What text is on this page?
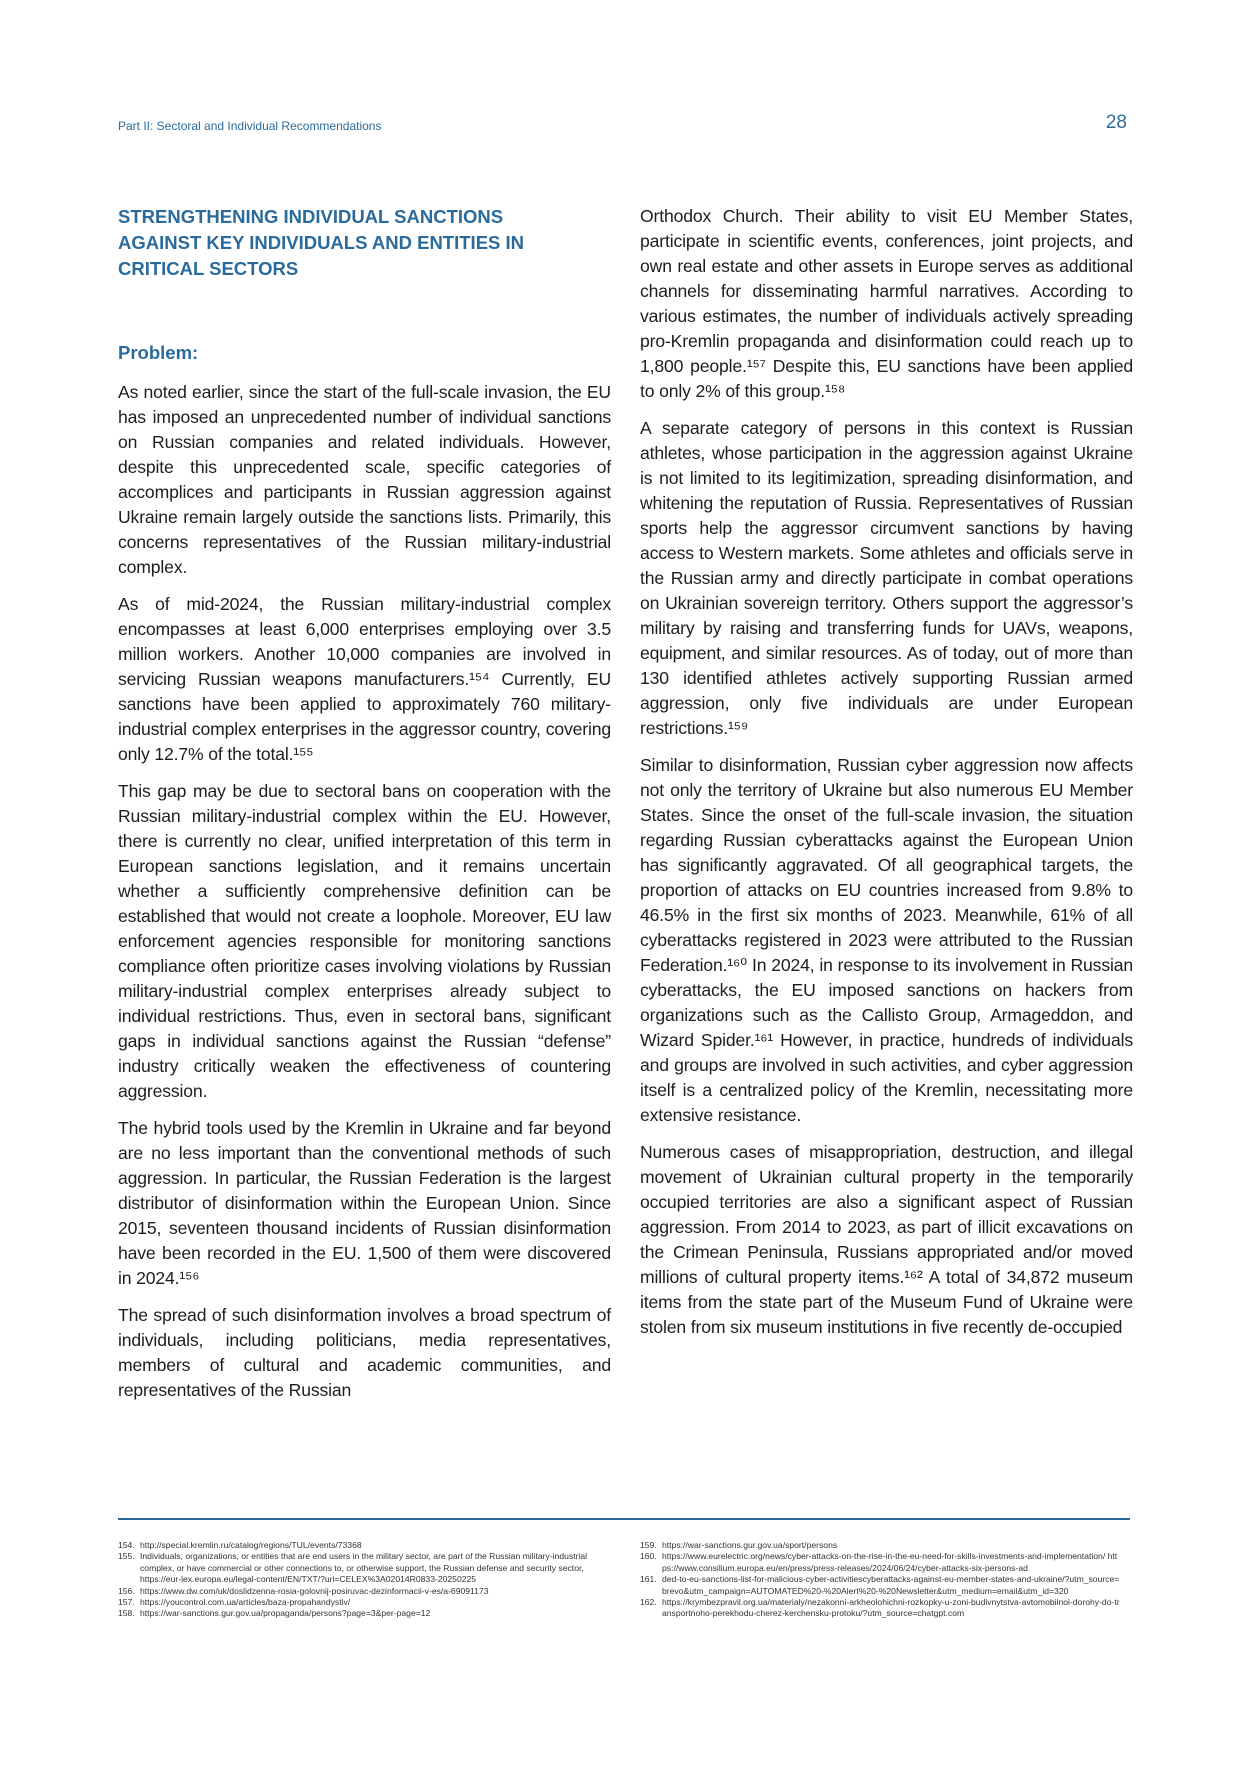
Part II: Sectoral and Individual Recommendations	28
STRENGTHENING INDIVIDUAL SANCTIONS AGAINST KEY INDIVIDUALS AND ENTITIES IN CRITICAL SECTORS
Problem:

As noted earlier, since the start of the full-scale invasion, the EU has imposed an unprecedented number of individual sanctions on Russian companies and related individuals. However, despite this unprecedented scale, specific categories of accomplices and participants in Russian aggression against Ukraine remain largely outside the sanctions lists. Primarily, this concerns representatives of the Russian military-industrial complex.

As of mid-2024, the Russian military-industrial complex encompasses at least 6,000 enterprises employing over 3.5 million workers. Another 10,000 companies are involved in servicing Russian weapons manufacturers.¹⁵⁴ Currently, EU sanctions have been applied to approximately 760 military-industrial complex enterprises in the aggressor country, covering only 12.7% of the total.¹⁵⁵

This gap may be due to sectoral bans on cooperation with the Russian military-industrial complex within the EU. However, there is currently no clear, unified interpretation of this term in European sanctions legislation, and it remains uncertain whether a sufficiently comprehensive definition can be established that would not create a loophole. Moreover, EU law enforcement agencies responsible for monitoring sanctions compliance often prioritize cases involving violations by Russian military-industrial complex enterprises already subject to individual restrictions. Thus, even in sectoral bans, significant gaps in individual sanctions against the Russian “defense” industry critically weaken the effectiveness of countering aggression.

The hybrid tools used by the Kremlin in Ukraine and far beyond are no less important than the conventional methods of such aggression. In particular, the Russian Federation is the largest distributor of disinformation within the European Union. Since 2015, seventeen thousand incidents of Russian disinformation have been recorded in the EU. 1,500 of them were discovered in 2024.¹⁵⁶

The spread of such disinformation involves a broad spectrum of individuals, including politicians, media representatives, members of cultural and academic communities, and representatives of the Russian

Orthodox Church. Their ability to visit EU Member States, participate in scientific events, conferences, joint projects, and own real estate and other assets in Europe serves as additional channels for disseminating harmful narratives. According to various estimates, the number of individuals actively spreading pro-Kremlin propaganda and disinformation could reach up to 1,800 people.¹⁵⁷ Despite this, EU sanctions have been applied to only 2% of this group.¹⁵⁸

A separate category of persons in this context is Russian athletes, whose participation in the aggression against Ukraine is not limited to its legitimization, spreading disinformation, and whitening the reputation of Russia. Representatives of Russian sports help the aggressor circumvent sanctions by having access to Western markets. Some athletes and officials serve in the Russian army and directly participate in combat operations on Ukrainian sovereign territory. Others support the aggressor’s military by raising and transferring funds for UAVs, weapons, equipment, and similar resources. As of today, out of more than 130 identified athletes actively supporting Russian armed aggression, only five individuals are under European restrictions.¹⁵⁹

Similar to disinformation, Russian cyber aggression now affects not only the territory of Ukraine but also numerous EU Member States. Since the onset of the full-scale invasion, the situation regarding Russian cyberattacks against the European Union has significantly aggravated. Of all geographical targets, the proportion of attacks on EU countries increased from 9.8% to 46.5% in the first six months of 2023. Meanwhile, 61% of all cyberattacks registered in 2023 were attributed to the Russian Federation.¹⁶⁰ In 2024, in response to its involvement in Russian cyberattacks, the EU imposed sanctions on hackers from organizations such as the Callisto Group, Armageddon, and Wizard Spider.¹⁶¹ However, in practice, hundreds of individuals and groups are involved in such activities, and cyber aggression itself is a centralized policy of the Kremlin, necessitating more extensive resistance.

Numerous cases of misappropriation, destruction, and illegal movement of Ukrainian cultural property in the temporarily occupied territories are also a significant aspect of Russian aggression. From 2014 to 2023, as part of illicit excavations on the Crimean Peninsula, Russians appropriated and/or moved millions of cultural property items.¹⁶² A total of 34,872 museum items from the state part of the Museum Fund of Ukraine were stolen from six museum institutions in five recently de-occupied

154. http://special.kremlin.ru/catalog/regions/TUL/events/73368
155. Individuals, organizations, or entities that are end users in the military sector, are part of the Russian military-industrial complex, or have commercial or other connections to, or otherwise support, the Russian defense and security sector, https://eur-lex.europa.eu/legal-content/EN/TXT/?uri=CELEX%3A02014R0833-20250225
156. https://www.dw.com/uk/doslidzenna-rosia-golovnij-posiruvac-dezinformacii-v-es/a-69091173
157. https://youcontrol.com.ua/articles/baza-propahandystiv/
158. https://war-sanctions.gur.gov.ua/propaganda/persons?page=3&per-page=12
159. https://war-sanctions.gur.gov.ua/sport/persons
160. https://www.eurelectric.org/news/cyber-attacks-on-the-rise-in-the-eu-need-for-skills-investments-and-implementation/ https://www.consilium.europa.eu/en/press/press-releases/2024/06/24/cyber-attacks-six-persons-ad
161. ded-to-eu-sanctions-list-for-malicious-cyber-activitiescyberattacks-against-eu-member-states-and-ukraine/?utm_source=brevo&utm_campaign=AUTOMATED%20-%20Alert%20-%20Newsletter&utm_medium=email&utm_id=320
162. https://krymbezpravil.org.ua/materialy/nezakonni-arkheolohichni-rozkopky-u-zoni-budivnytstva-avtomobilnoi-dorohy-do-transportnoho-perekhodu-cherez-kerchensku-protoku/?utm_source=chatgpt.com
